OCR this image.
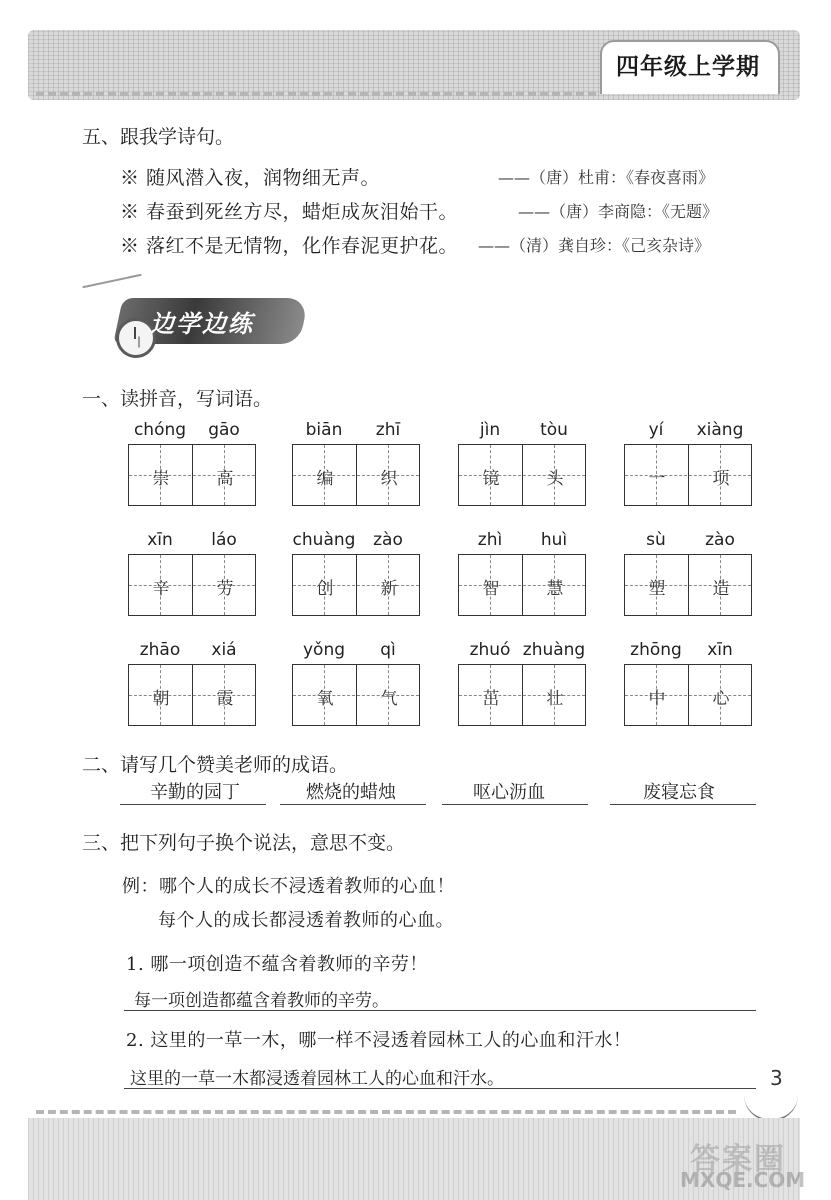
四年级上学期
五、跟我学诗句。
※ 随风潜入夜，润物细无声。	——（唐）杜甫：《春夜喜雨》
※ 春蚕到死丝方尽，蜡炬成灰泪始干。	——（唐）李商隐：《无题》
※ 落红不是无情物，化作春泥更护花。 ——（清）龚自珍：《己亥杂诗》
边学边练
一、读拼音，写词语。
chóng	gāo
崇	高
biān	zhī
编	织
jìn	tòu
镜	头
yí	xiàng
一	项
xīn	láo
辛	劳
chuàng	zào
创	新
zhì	huì
智	慧
sù	zào
塑	造
zhāo	xiá
朝	霞
yǒng	qì
氧	气
zhuó zhuàng
茁	壮
zhōng	xīn
中	心
二、请写几个赞美老师的成语。
辛勤的园丁	燃烧的蜡烛	呕心沥血	废寝忘食
三、把下列句子换个说法，意思不变。
例：哪个人的成长不浸透着教师的心血！
每个人的成长都浸透着教师的心血。
1. 哪一项创造不蕴含着教师的辛劳！
每一项创造都蕴含着教师的辛劳。
2. 这里的一草一木，哪一样不浸透着园林工人的心血和汗水！
这里的一草一木都浸透着园林工人的心血和汗水。	3
答案圈
MXQE.COM
